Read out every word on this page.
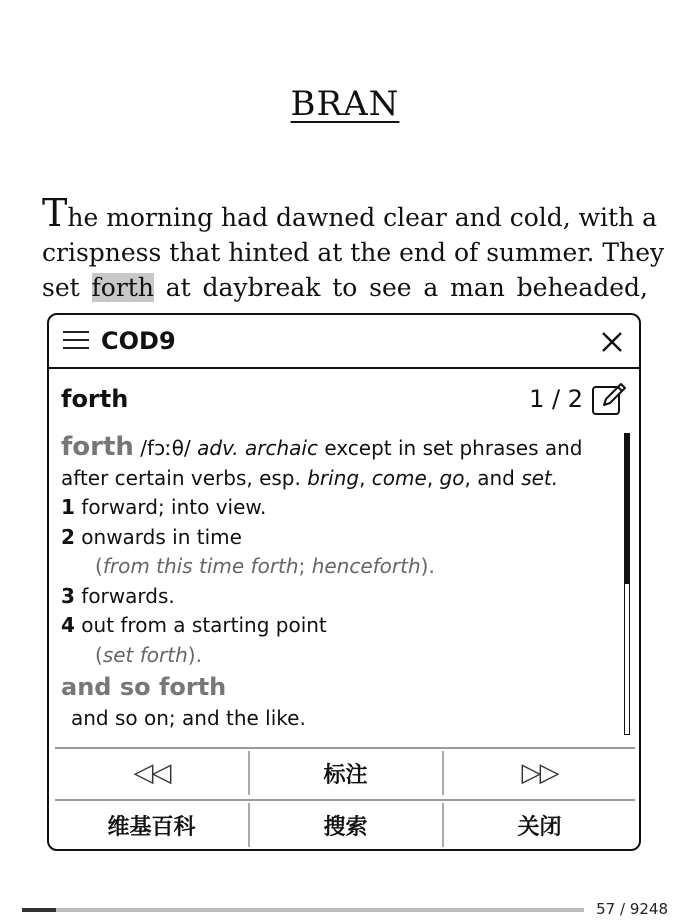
BRAN
The morning had dawned clear and cold, with a
crispness that hinted at the end of summer. They
set forth at daybreak to see a man beheaded,
COD9
forth	1 / 2
forth /fɔːθ/ adv. archaic except in set phrases and after certain verbs, esp. bring, come, go, and set.
1 forward; into view.
2 onwards in time
(from this time forth; henceforth).
3 forwards.
4 out from a starting point
(set forth).
and so forth
and so on; and the like.
◁◁	标注	▷▷
维基百科	搜索	关闭
57 / 9248
